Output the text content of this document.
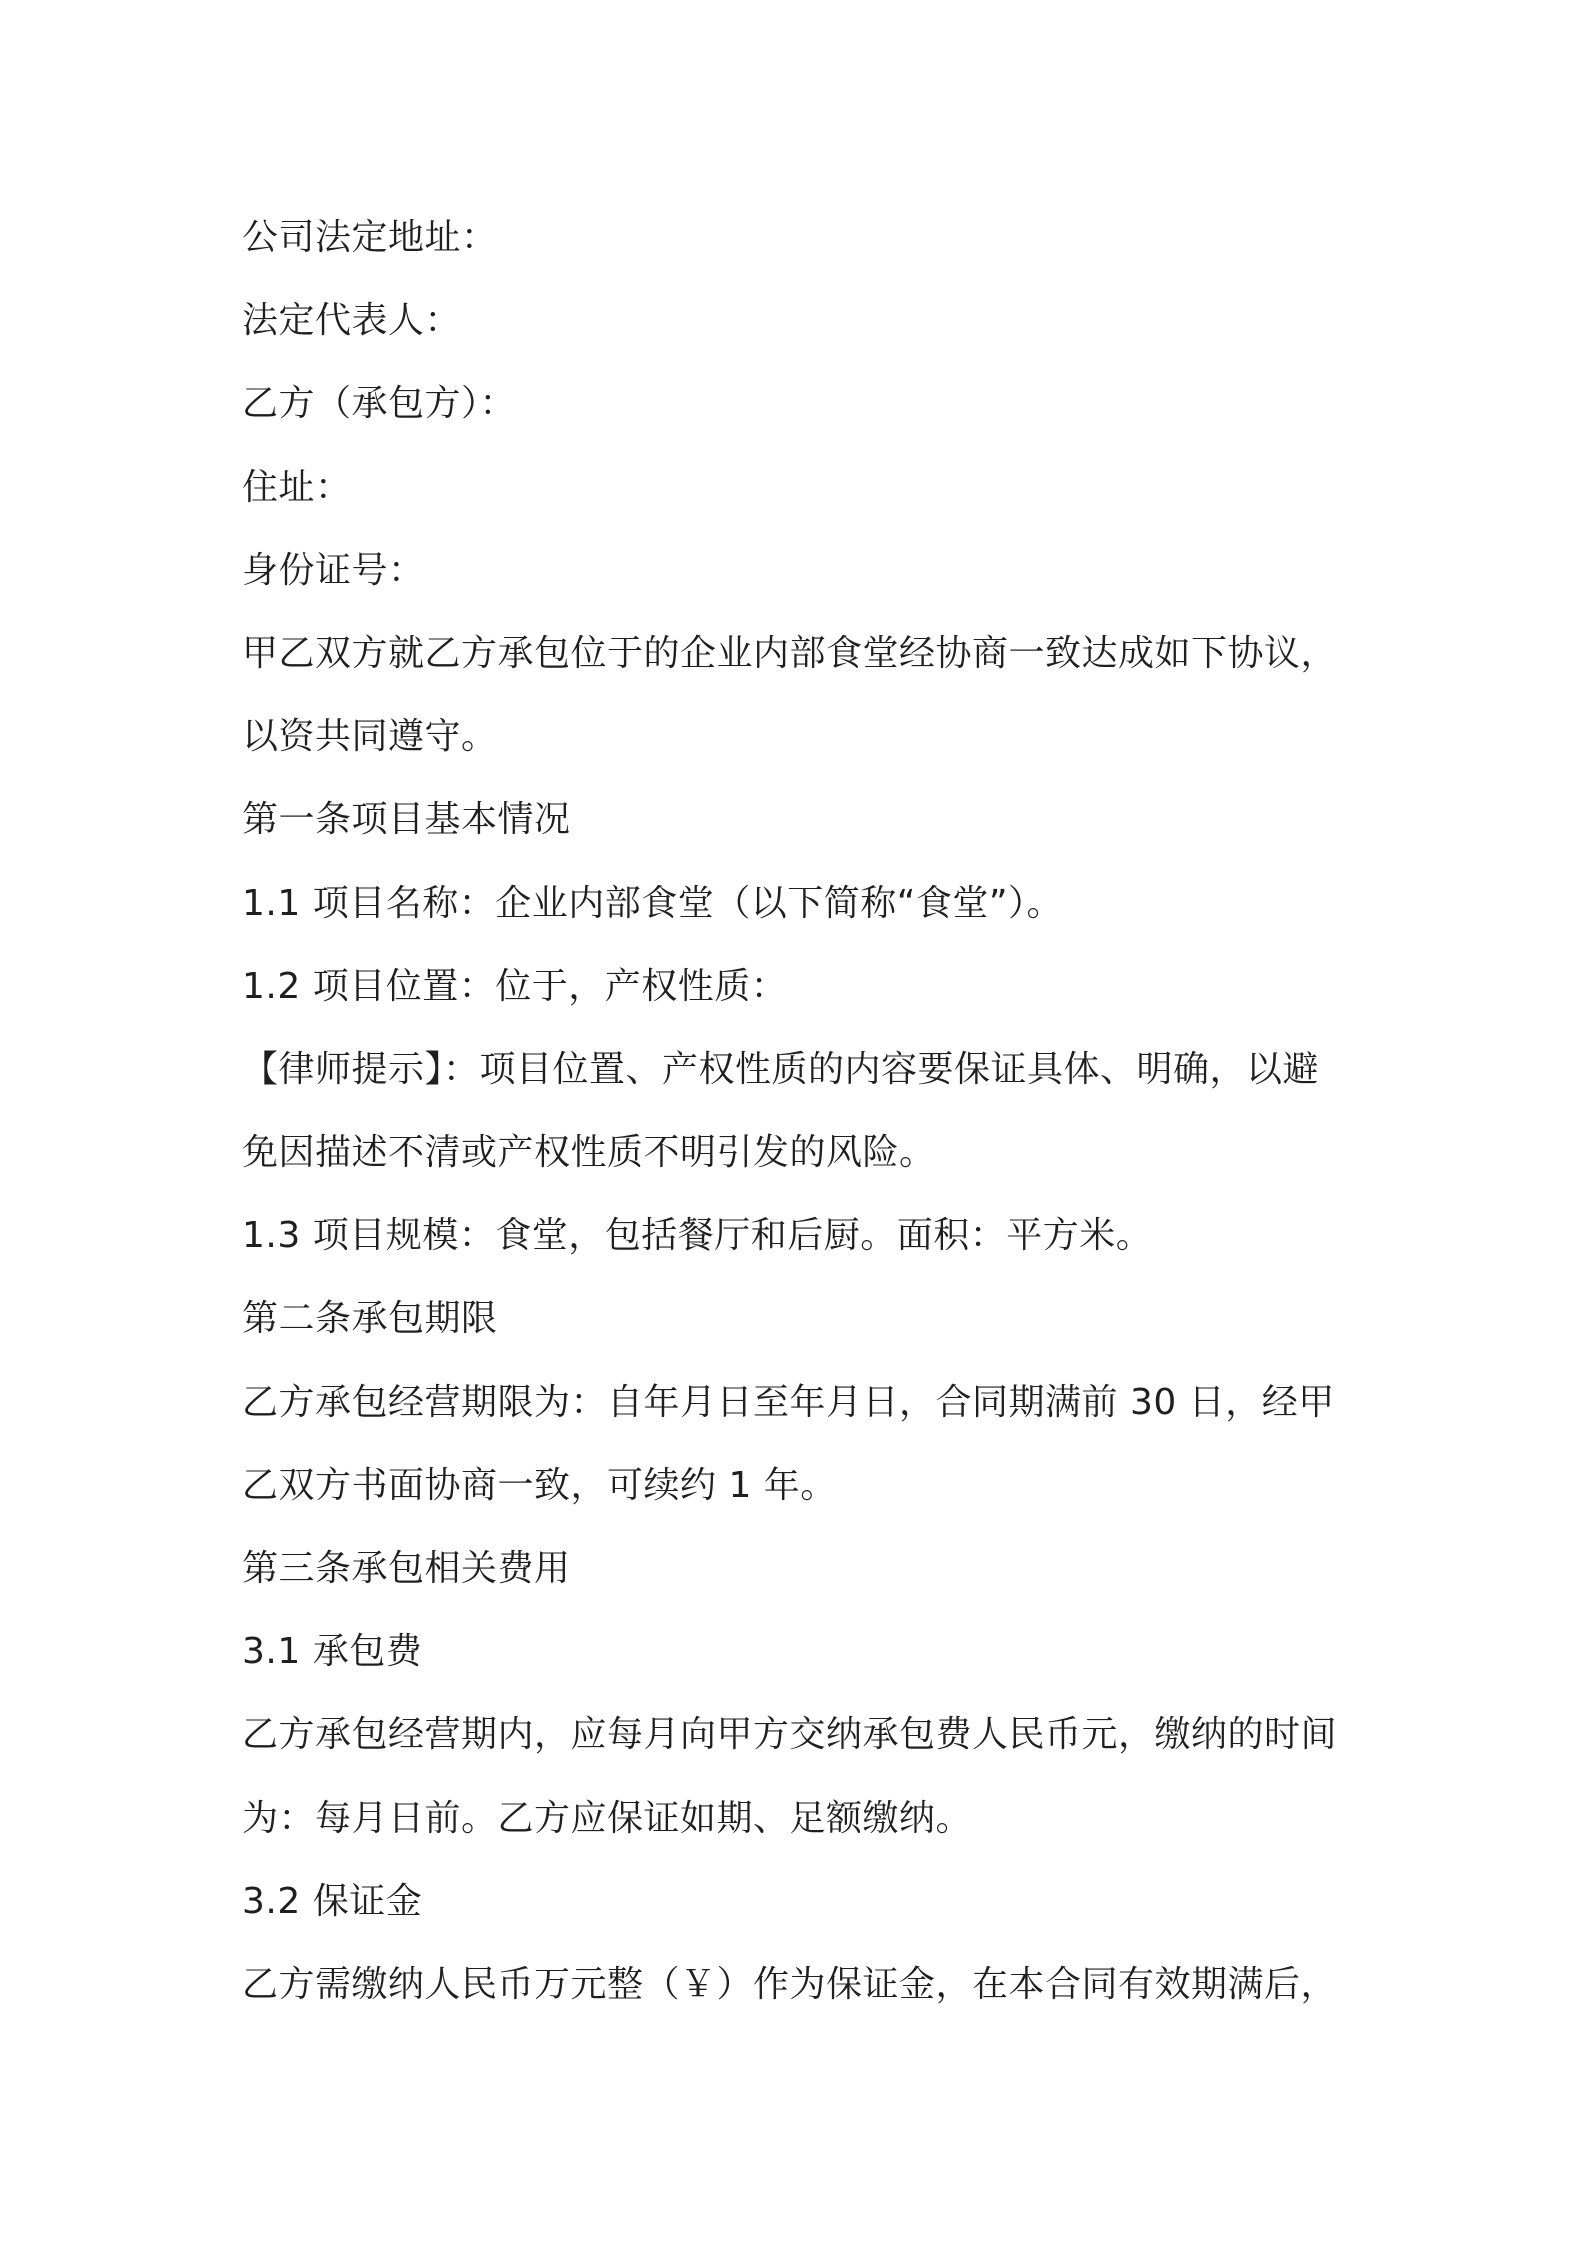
公司法定地址：
法定代表人：
乙方（承包方）：
住址：
身份证号：
甲乙双方就乙方承包位于的企业内部食堂经协商一致达成如下协议，
以资共同遵守。
第一条项目基本情况
1.1 项目名称：企业内部食堂（以下简称“食堂”）。
1.2 项目位置：位于，产权性质：
【律师提示】：项目位置、产权性质的内容要保证具体、明确，以避
免因描述不清或产权性质不明引发的风险。
1.3 项目规模：食堂，包括餐厅和后厨。面积：平方米。
第二条承包期限
乙方承包经营期限为：自年月日至年月日，合同期满前 30 日，经甲
乙双方书面协商一致，可续约 1 年。
第三条承包相关费用
3.1 承包费
乙方承包经营期内，应每月向甲方交纳承包费人民币元，缴纳的时间
为：每月日前。乙方应保证如期、足额缴纳。
3.2 保证金
乙方需缴纳人民币万元整（￥）作为保证金，在本合同有效期满后，
